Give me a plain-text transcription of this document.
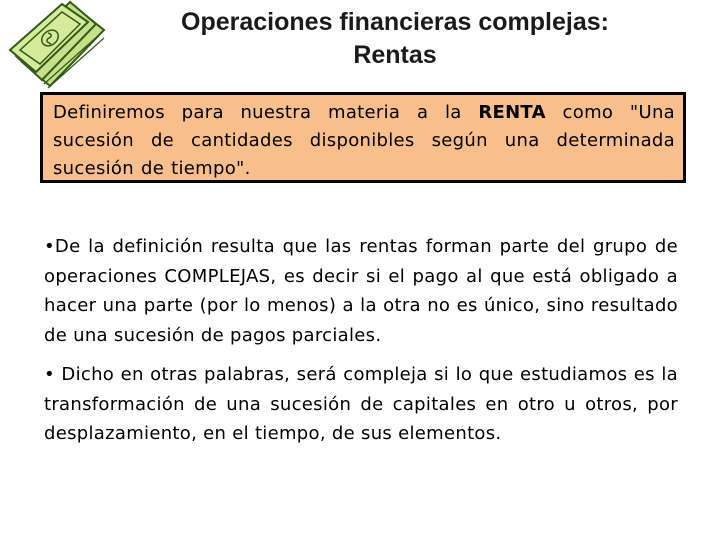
Operaciones financieras complejas:
Rentas
Definiremos para nuestra materia a la RENTA como "Una sucesión de cantidades disponibles según una determinada sucesión de tiempo".

•De la definición resulta que las rentas forman parte del grupo de operaciones COMPLEJAS, es decir si el pago al que está obligado a hacer una parte (por lo menos) a la otra no es único, sino resultado de una sucesión de pagos parciales.

• Dicho en otras palabras, será compleja si lo que estudiamos es la transformación de una sucesión de capitales en otro u otros, por desplazamiento, en el tiempo, de sus elementos.
